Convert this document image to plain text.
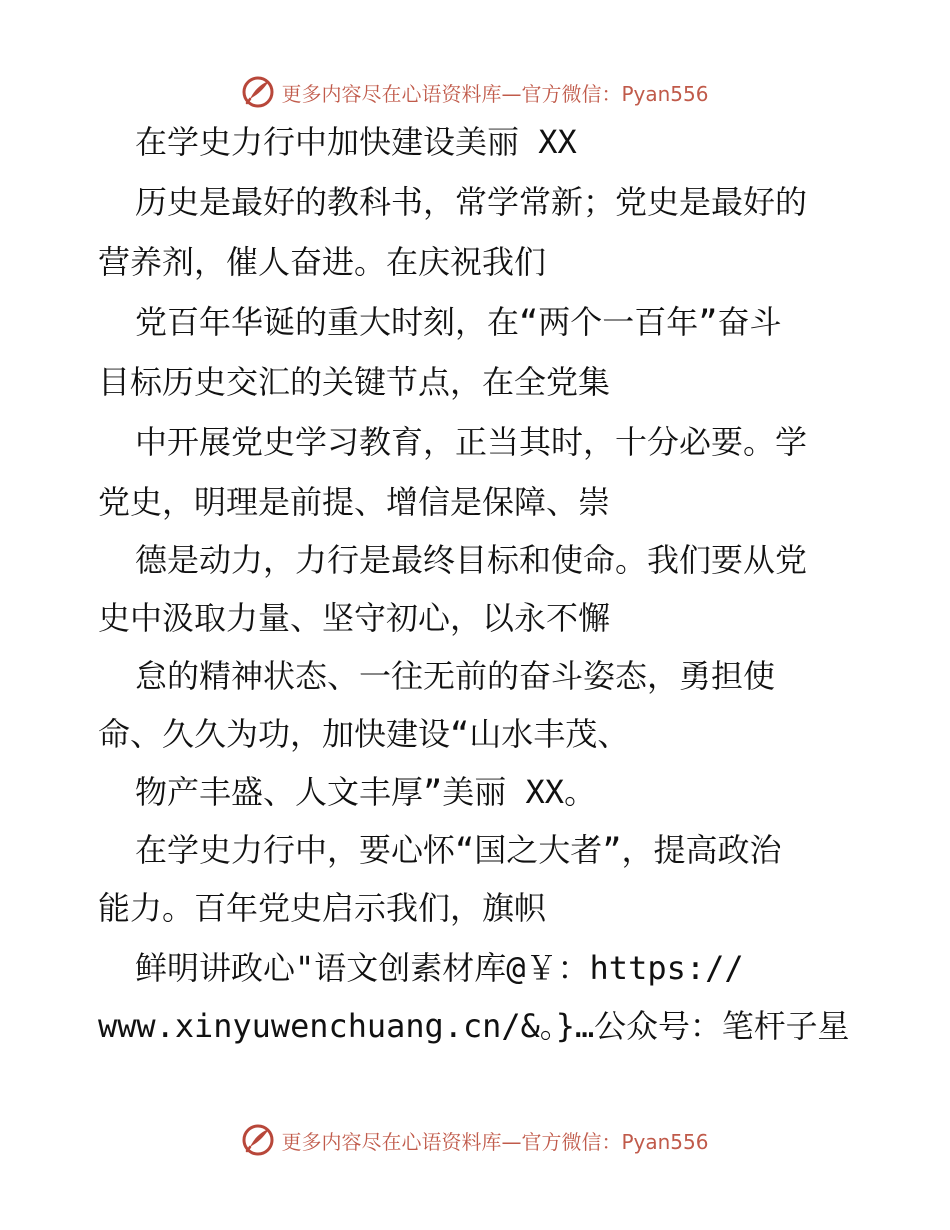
更多内容尽在心语资料库—官方微信：Pyan556
在学史力行中加快建设美丽 XX
历史是最好的教科书，常学常新；党史是最好的
营养剂，催人奋进。在庆祝我们
党百年华诞的重大时刻，在“两个一百年”奋斗
目标历史交汇的关键节点，在全党集
中开展党史学习教育，正当其时，十分必要。学
党史，明理是前提、增信是保障、崇
德是动力，力行是最终目标和使命。我们要从党
史中汲取力量、坚守初心，以永不懈
怠的精神状态、一往无前的奋斗姿态，勇担使
命、久久为功，加快建设“山水丰茂、
物产丰盛、人文丰厚”美丽 XX。
在学史力行中，要心怀“国之大者”，提高政治
能力。百年党史启示我们，旗帜
鲜明讲政心"语文创素材库@￥：https://
www.xinyuwenchuang.cn/&。}…公众号：笔杆子星
更多内容尽在心语资料库—官方微信：Pyan556
